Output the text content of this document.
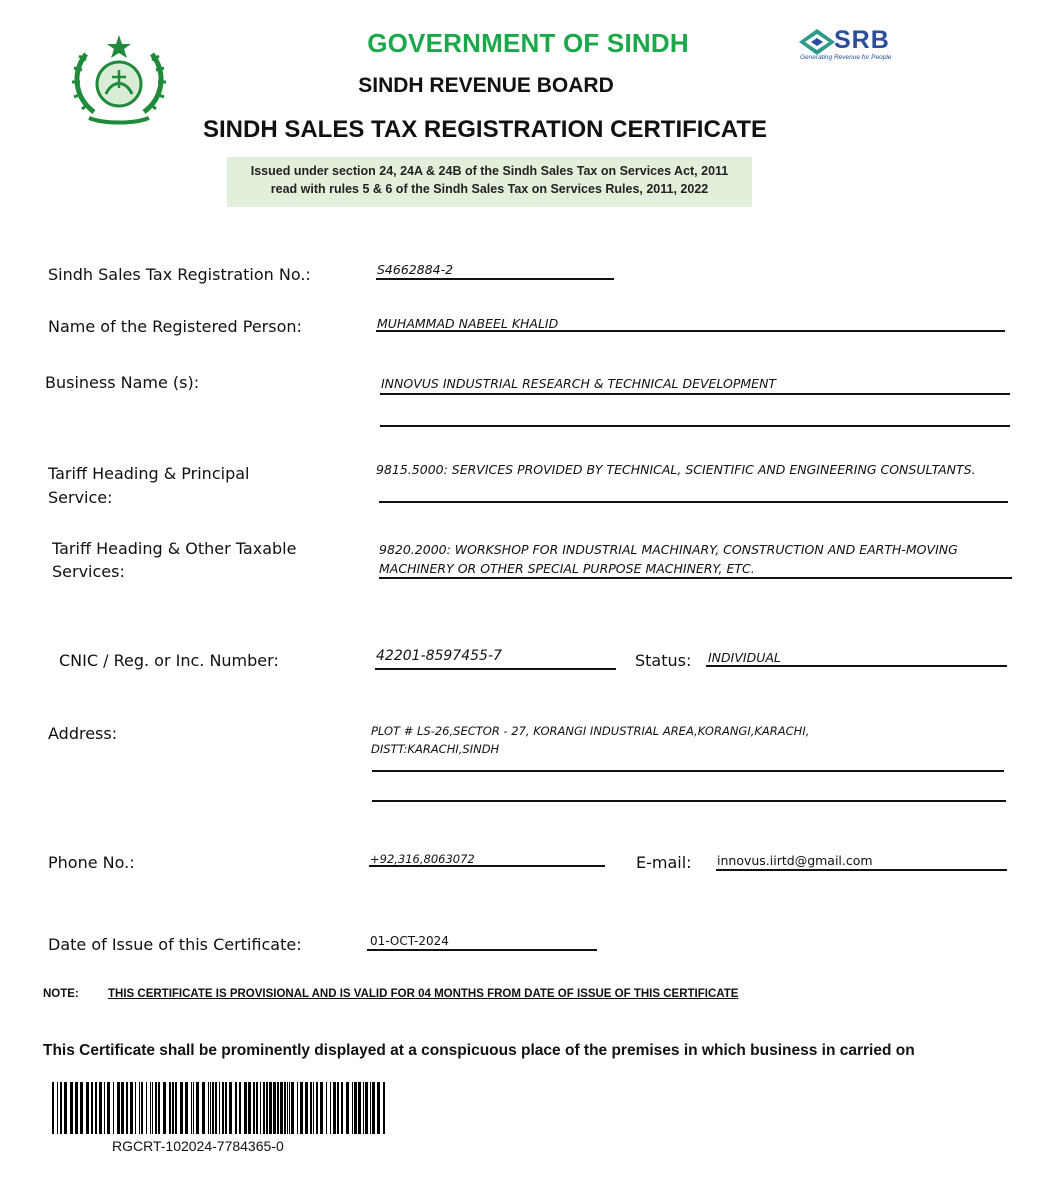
GOVERNMENT OF SINDH
SINDH REVENUE BOARD
SINDH SALES TAX REGISTRATION CERTIFICATE
SRB
Generating Revenue for People
Issued under section 24, 24A & 24B of the Sindh Sales Tax on Services Act, 2011
read with rules 5 & 6 of the Sindh Sales Tax on Services Rules, 2011, 2022
Sindh Sales Tax Registration No.:	S4662884-2
Name of the Registered Person:	MUHAMMAD NABEEL KHALID
Business Name (s):	INNOVUS INDUSTRIAL RESEARCH & TECHNICAL DEVELOPMENT
Tariff Heading & Principal
Service:
9815.5000: SERVICES PROVIDED BY TECHNICAL, SCIENTIFIC AND ENGINEERING CONSULTANTS.
Tariff Heading & Other Taxable
Services:
9820.2000: WORKSHOP FOR INDUSTRIAL MACHINARY, CONSTRUCTION AND EARTH-MOVING
MACHINERY OR OTHER SPECIAL PURPOSE MACHINERY, ETC.
CNIC / Reg. or Inc. Number:	42201-8597455-7	Status: INDIVIDUAL
Address:	PLOT # LS-26,SECTOR - 27, KORANGI INDUSTRIAL AREA,KORANGI,KARACHI,
DISTT:KARACHI,SINDH
Phone No.:	+92,316,8063072	E-mail: innovus.iirtd@gmail.com
Date of Issue of this Certificate:	01-OCT-2024
NOTE:	THIS CERTIFICATE IS PROVISIONAL AND IS VALID FOR 04 MONTHS FROM DATE OF ISSUE OF THIS CERTIFICATE
This Certificate shall be prominently displayed at a conspicuous place of the premises in which business in carried on
RGCRT-102024-7784365-0
